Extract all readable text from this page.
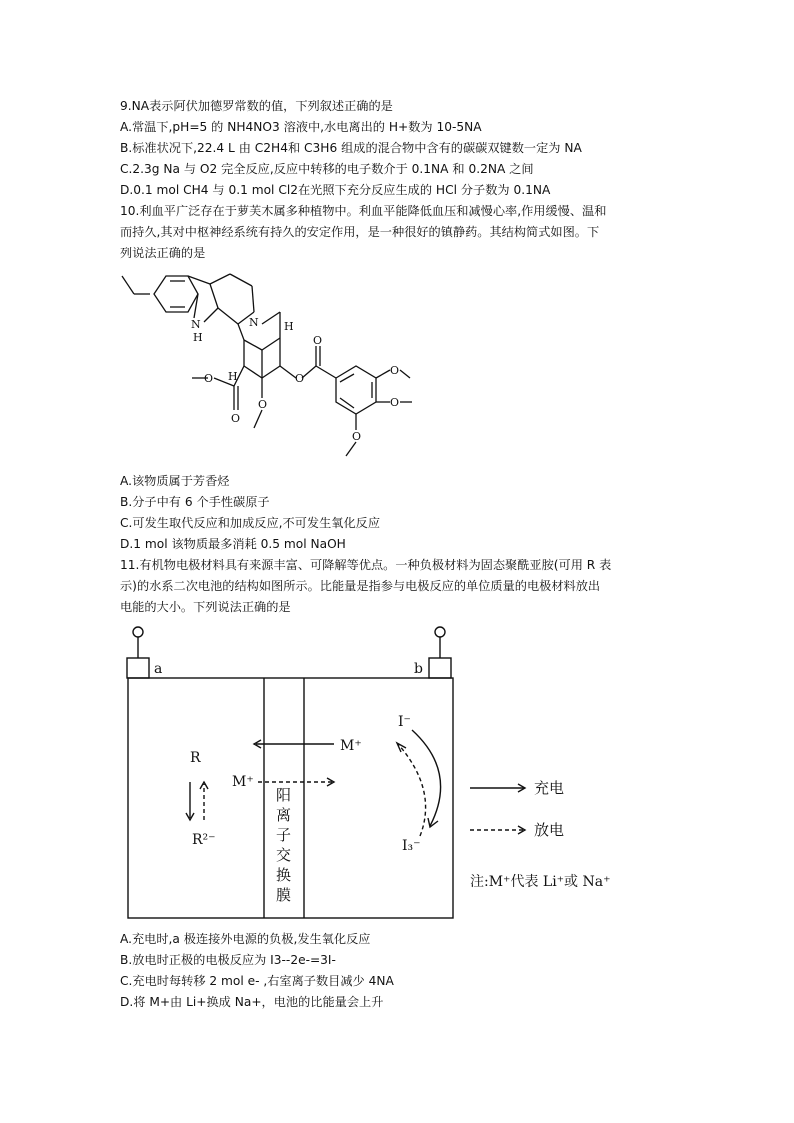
9.NA表示阿伏加德罗常数的值，下列叙述正确的是
A.常温下,pH=5 的 NH4NO3 溶液中,水电离出的 H+数为 10-5NA
B.标准状况下,22.4 L 由 C2H4和 C3H6 组成的混合物中含有的碳碳双键数一定为 NA
C.2.3g Na 与 O2 完全反应,反应中转移的电子数介于 0.1NA 和 0.2NA 之间
D.0.1 mol CH4 与 0.1 mol Cl2在光照下充分反应生成的 HCl 分子数为 0.1NA
10.利血平广泛存在于萝芙木属多种植物中。利血平能降低血压和减慢心率,作用缓慢、温和
而持久,其对中枢神经系统有持久的安定作用，是一种很好的镇静药。其结构简式如图。下
列说法正确的是
N
H
N H
H
O
O
O
O
O
O
O
O
A.该物质属于芳香烃
B.分子中有 6 个手性碳原子
C.可发生取代反应和加成反应,不可发生氧化反应
D.1 mol 该物质最多消耗 0.5 mol NaOH
11.有机物电极材料具有来源丰富、可降解等优点。一种负极材料为固态聚酰亚胺(可用 R 表
示)的水系二次电池的结构如图所示。比能量是指参与电极反应的单位质量的电极材料放出
电能的大小。下列说法正确的是
a	b
M⁺
M⁺
R
R²⁻
I⁻
I₃⁻
阳
离
子
交
换
膜
充电
放电
注:M⁺代表 Li⁺或 Na⁺
A.充电时,a 极连接外电源的负极,发生氧化反应
B.放电时正极的电极反应为 I3--2e-=3I-
C.充电时每转移 2 mol e- ,右室离子数目减少 4NA
D.将 M+由 Li+换成 Na+，电池的比能量会上升
